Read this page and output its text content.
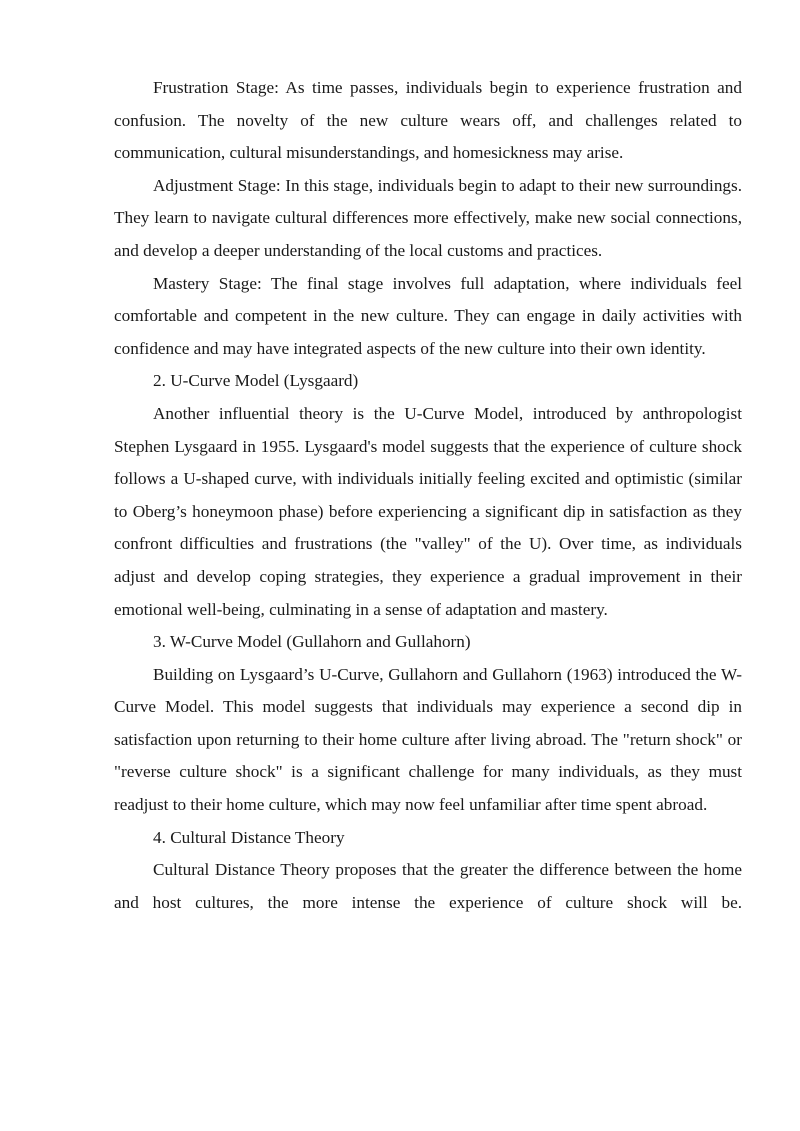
Frustration Stage: As time passes, individuals begin to experience frustration and confusion. The novelty of the new culture wears off, and challenges related to communication, cultural misunderstandings, and homesickness may arise.

Adjustment Stage: In this stage, individuals begin to adapt to their new surroundings. They learn to navigate cultural differences more effectively, make new social connections, and develop a deeper understanding of the local customs and practices.

Mastery Stage: The final stage involves full adaptation, where individuals feel comfortable and competent in the new culture. They can engage in daily activities with confidence and may have integrated aspects of the new culture into their own identity.

2. U-Curve Model (Lysgaard)

Another influential theory is the U-Curve Model, introduced by anthropologist Stephen Lysgaard in 1955. Lysgaard's model suggests that the experience of culture shock follows a U-shaped curve, with individuals initially feeling excited and optimistic (similar to Oberg’s honeymoon phase) before experiencing a significant dip in satisfaction as they confront difficulties and frustrations (the "valley" of the U). Over time, as individuals adjust and develop coping strategies, they experience a gradual improvement in their emotional well-being, culminating in a sense of adaptation and mastery.

3. W-Curve Model (Gullahorn and Gullahorn)

Building on Lysgaard’s U-Curve, Gullahorn and Gullahorn (1963) introduced the W-Curve Model. This model suggests that individuals may experience a second dip in satisfaction upon returning to their home culture after living abroad. The "return shock" or "reverse culture shock" is a significant challenge for many individuals, as they must readjust to their home culture, which may now feel unfamiliar after time spent abroad.

4. Cultural Distance Theory

Cultural Distance Theory proposes that the greater the difference between the home and host cultures, the more intense the experience of culture shock will be.
